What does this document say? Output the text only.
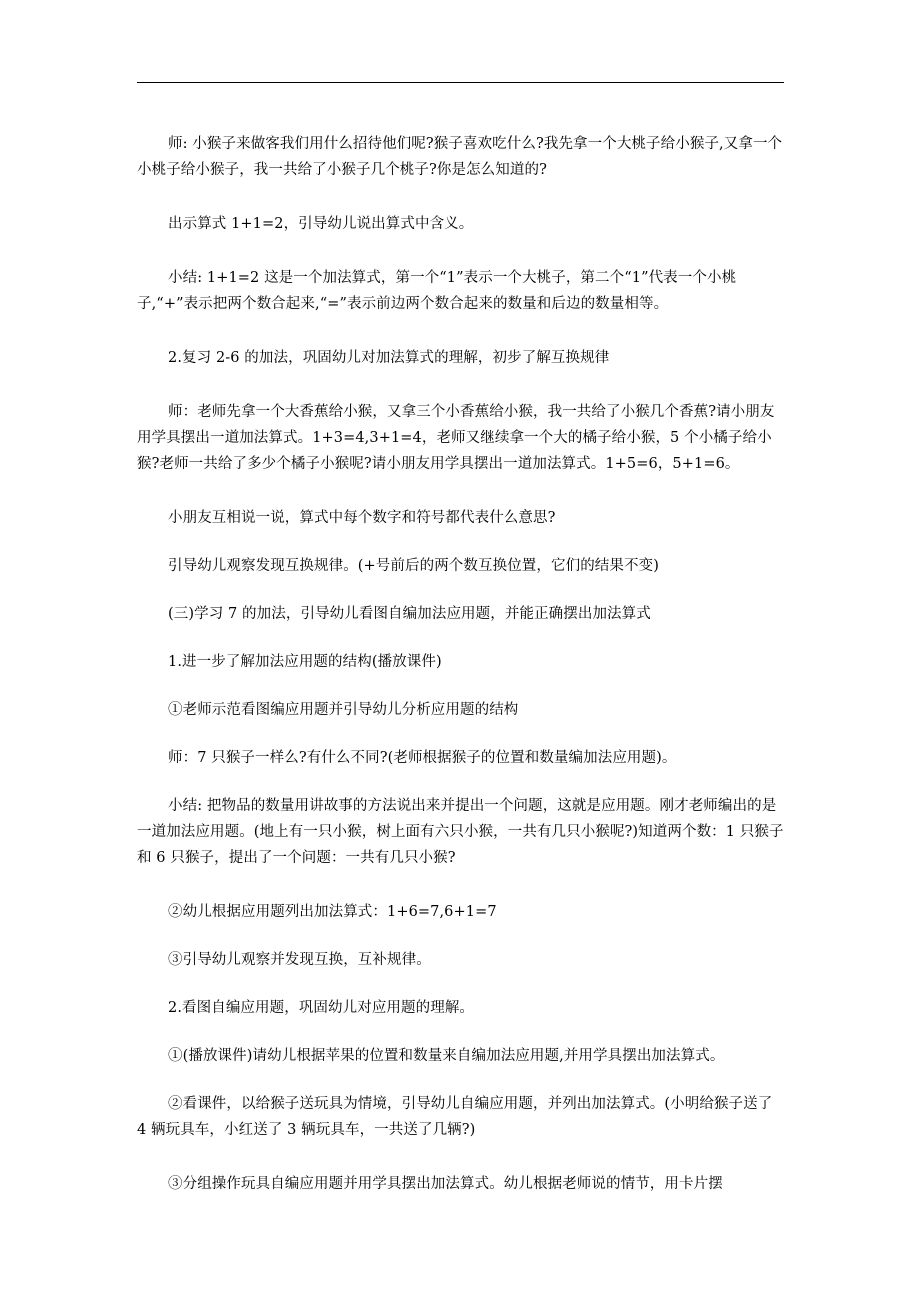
师: 小猴子来做客我们用什么招待他们呢?猴子喜欢吃什么?我先拿一个大桃子给小猴子,又拿一个小桃子给小猴子，我一共给了小猴子几个桃子?你是怎么知道的?

出示算式 1+1=2，引导幼儿说出算式中含义。

小结: 1+1=2 这是一个加法算式，第一个“1”表示一个大桃子，第二个“1”代表一个小桃子,“+”表示把两个数合起来,“=”表示前边两个数合起来的数量和后边的数量相等。

2.复习 2-6 的加法，巩固幼儿对加法算式的理解，初步了解互换规律

师：老师先拿一个大香蕉给小猴，又拿三个小香蕉给小猴，我一共给了小猴几个香蕉?请小朋友用学具摆出一道加法算式。1+3=4,3+1=4，老师又继续拿一个大的橘子给小猴，5 个小橘子给小猴?老师一共给了多少个橘子小猴呢?请小朋友用学具摆出一道加法算式。1+5=6，5+1=6。

小朋友互相说一说，算式中每个数字和符号都代表什么意思?

引导幼儿观察发现互换规律。(+号前后的两个数互换位置，它们的结果不变)

(三)学习 7 的加法，引导幼儿看图自编加法应用题，并能正确摆出加法算式

1.进一步了解加法应用题的结构(播放课件)

①老师示范看图编应用题并引导幼儿分析应用题的结构

师：7 只猴子一样么?有什么不同?(老师根据猴子的位置和数量编加法应用题)。

小结: 把物品的数量用讲故事的方法说出来并提出一个问题，这就是应用题。刚才老师编出的是一道加法应用题。(地上有一只小猴，树上面有六只小猴，一共有几只小猴呢?)知道两个数：1 只猴子和 6 只猴子，提出了一个问题：一共有几只小猴?

②幼儿根据应用题列出加法算式：1+6=7,6+1=7

③引导幼儿观察并发现互换，互补规律。

2.看图自编应用题，巩固幼儿对应用题的理解。

①(播放课件)请幼儿根据苹果的位置和数量来自编加法应用题,并用学具摆出加法算式。

②看课件，以给猴子送玩具为情境，引导幼儿自编应用题，并列出加法算式。(小明给猴子送了 4 辆玩具车，小红送了 3 辆玩具车，一共送了几辆?)

③分组操作玩具自编应用题并用学具摆出加法算式。幼儿根据老师说的情节，用卡片摆
